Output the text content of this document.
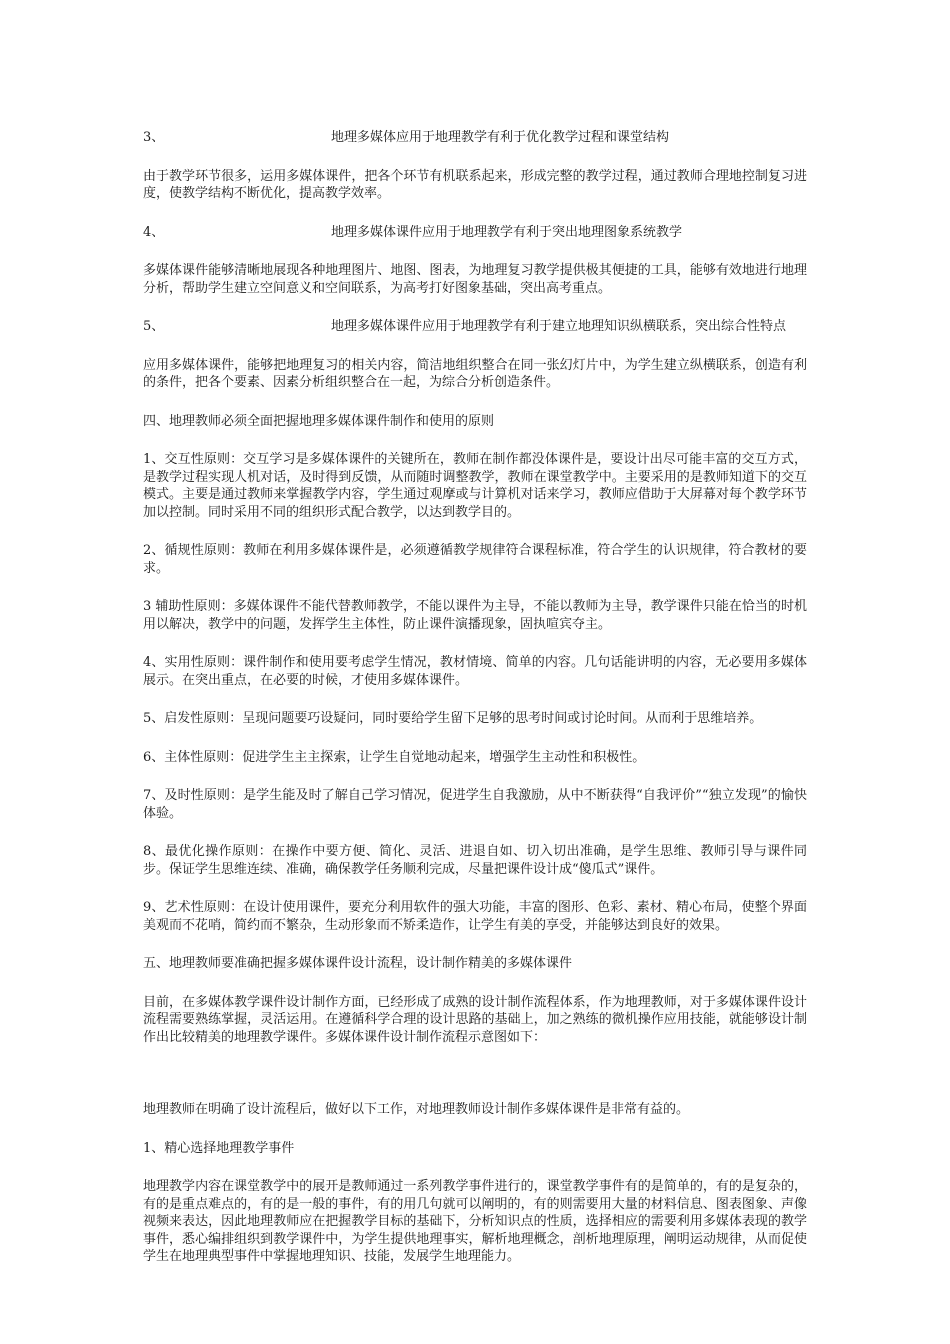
3、	地理多媒体应用于地理教学有利于优化教学过程和课堂结构

由于教学环节很多，运用多媒体课件，把各个环节有机联系起来，形成完整的教学过程，通过教师合理地控制复习进度，使教学结构不断优化，提高教学效率。

4、	地理多媒体课件应用于地理教学有利于突出地理图象系统教学

多媒体课件能够清晰地展现各种地理图片、地图、图表，为地理复习教学提供极其便捷的工具，能够有效地进行地理分析，帮助学生建立空间意义和空间联系，为高考打好图象基础，突出高考重点。

5、	地理多媒体课件应用于地理教学有利于建立地理知识纵横联系，突出综合性特点

应用多媒体课件，能够把地理复习的相关内容，简洁地组织整合在同一张幻灯片中，为学生建立纵横联系，创造有利的条件，把各个要素、因素分析组织整合在一起，为综合分析创造条件。

四、地理教师必须全面把握地理多媒体课件制作和使用的原则

1、交互性原则：交互学习是多媒体课件的关键所在，教师在制作都没体课件是，要设计出尽可能丰富的交互方式，是教学过程实现人机对话，及时得到反馈，从而随时调整教学，教师在课堂教学中。主要采用的是教师知道下的交互模式。主要是通过教师来掌握教学内容，学生通过观摩或与计算机对话来学习，教师应借助于大屏幕对每个教学环节加以控制。同时采用不同的组织形式配合教学，以达到教学目的。

2、循规性原则：教师在利用多媒体课件是，必须遵循教学规律符合课程标准，符合学生的认识规律，符合教材的要求。

3 辅助性原则：多媒体课件不能代替教师教学，不能以课件为主导，不能以教师为主导，教学课件只能在恰当的时机用以解决，教学中的问题，发挥学生主体性，防止课件演播现象，固执喧宾夺主。

4、实用性原则：课件制作和使用要考虑学生情况，教材情境、简单的内容。几句话能讲明的内容，无必要用多媒体展示。在突出重点，在必要的时候，才使用多媒体课件。

5、启发性原则：呈现问题要巧设疑问，同时要给学生留下足够的思考时间或讨论时间。从而利于思维培养。

6、主体性原则：促进学生主主探索，让学生自觉地动起来，增强学生主动性和积极性。

7、及时性原则：是学生能及时了解自己学习情况，促进学生自我激励，从中不断获得“自我评价”“独立发现”的愉快体验。

8、最优化操作原则：在操作中要方便、简化、灵活、进退自如、切入切出准确，是学生思维、教师引导与课件同步。保证学生思维连续、准确，确保教学任务顺利完成，尽量把课件设计成“傻瓜式”课件。

9、艺术性原则：在设计使用课件，要充分利用软件的强大功能，丰富的图形、色彩、素材、精心布局，使整个界面美观而不花哨，简约而不繁杂，生动形象而不矫柔造作，让学生有美的享受，并能够达到良好的效果。

五、地理教师要准确把握多媒体课件设计流程，设计制作精美的多媒体课件

目前，在多媒体教学课件设计制作方面，已经形成了成熟的设计制作流程体系，作为地理教师，对于多媒体课件设计流程需要熟练掌握，灵活运用。在遵循科学合理的设计思路的基础上，加之熟练的微机操作应用技能，就能够设计制作出比较精美的地理教学课件。多媒体课件设计制作流程示意图如下：

地理教师在明确了设计流程后，做好以下工作，对地理教师设计制作多媒体课件是非常有益的。

1、精心选择地理教学事件

地理教学内容在课堂教学中的展开是教师通过一系列教学事件进行的，课堂教学事件有的是简单的，有的是复杂的，有的是重点难点的，有的是一般的事件，有的用几句就可以阐明的，有的则需要用大量的材料信息、图表图象、声像视频来表达，因此地理教师应在把握教学目标的基础下，分析知识点的性质，选择相应的需要利用多媒体表现的教学事件，悉心编排组织到教学课件中，为学生提供地理事实，解析地理概念，剖析地理原理，阐明运动规律，从而促使学生在地理典型事件中掌握地理知识、技能，发展学生地理能力。
